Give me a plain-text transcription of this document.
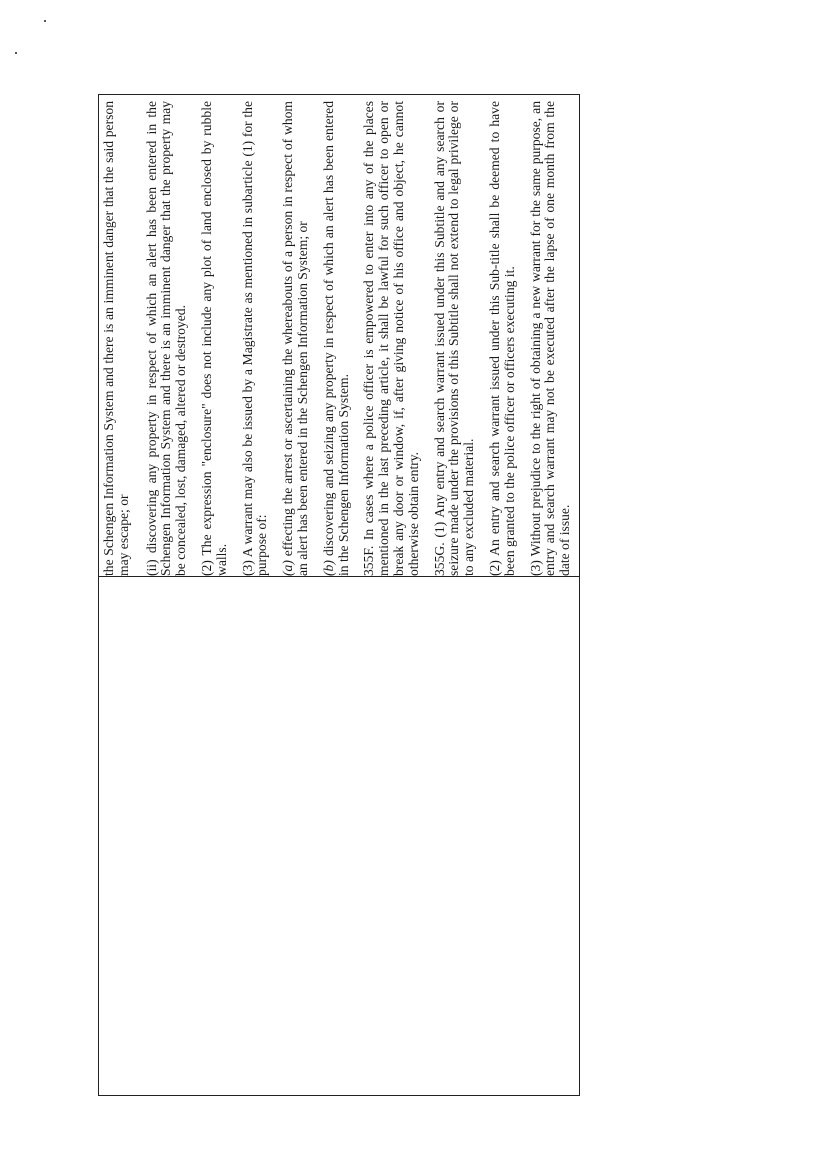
the Schengen Information System and there is an imminent danger that the said person may escape; or (ii) discovering any property in respect of which an alert has been entered in the Schengen Information System and there is an imminent danger that the property may be concealed, lost, damaged, altered or destroyed. (2) The expression "enclosure" does not include any plot of land enclosed by rubble walls. (3) A warrant may also be issued by a Magistrate as mentioned in subarticle (1) for the purpose of: (a) effecting the arrest or ascertaining the whereabouts of a person in respect of whom an alert has been entered in the Schengen Information System; or (b) discovering and seizing any property in respect of which an alert has been entered in the Schengen Information System. 355F. In cases where a police officer is empowered to enter into any of the places mentioned in the last preceding article, it shall be lawful for such officer to open or break any door or window, if, after giving notice of his office and object, he cannot otherwise obtain entry. 355G. (1) Any entry and search warrant issued under this Subtitle and any search or seizure made under the provisions of this Subtitle shall not extend to legal privilege or to any excluded material. (2) An entry and search warrant issued under this Sub-title shall be deemed to have been granted to the police officer or officers executing it. (3) Without prejudice to the right of obtaining a new warrant for the same purpose, an entry and search warrant may not be executed after the lapse of one month from the date of issue.
